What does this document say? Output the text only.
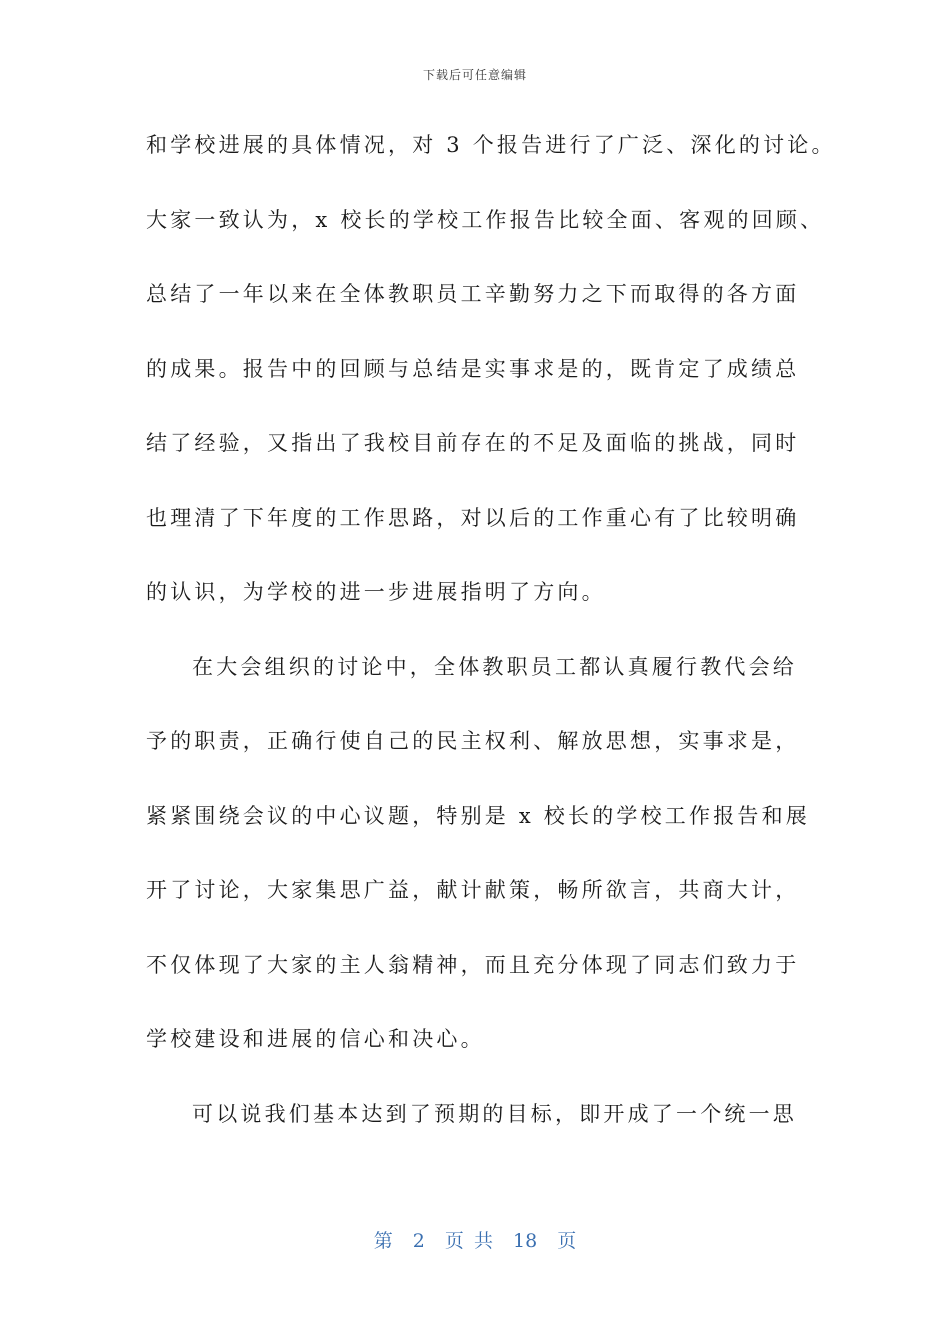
下载后可任意编辑
和学校进展的具体情况，对 3 个报告进行了广泛、深化的讨论。
大家一致认为，x 校长的学校工作报告比较全面、客观的回顾、
总结了一年以来在全体教职员工辛勤努力之下而取得的各方面
的成果。报告中的回顾与总结是实事求是的，既肯定了成绩总
结了经验，又指出了我校目前存在的不足及面临的挑战，同时
也理清了下年度的工作思路，对以后的工作重心有了比较明确
的认识，为学校的进一步进展指明了方向。
在大会组织的讨论中，全体教职员工都认真履行教代会给
予的职责，正确行使自己的民主权利、解放思想，实事求是，
紧紧围绕会议的中心议题，特别是 x 校长的学校工作报告和展
开了讨论，大家集思广益，献计献策，畅所欲言，共商大计，
不仅体现了大家的主人翁精神，而且充分体现了同志们致力于
学校建设和进展的信心和决心。
可以说我们基本达到了预期的目标，即开成了一个统一思
第 2 页 共 18 页
